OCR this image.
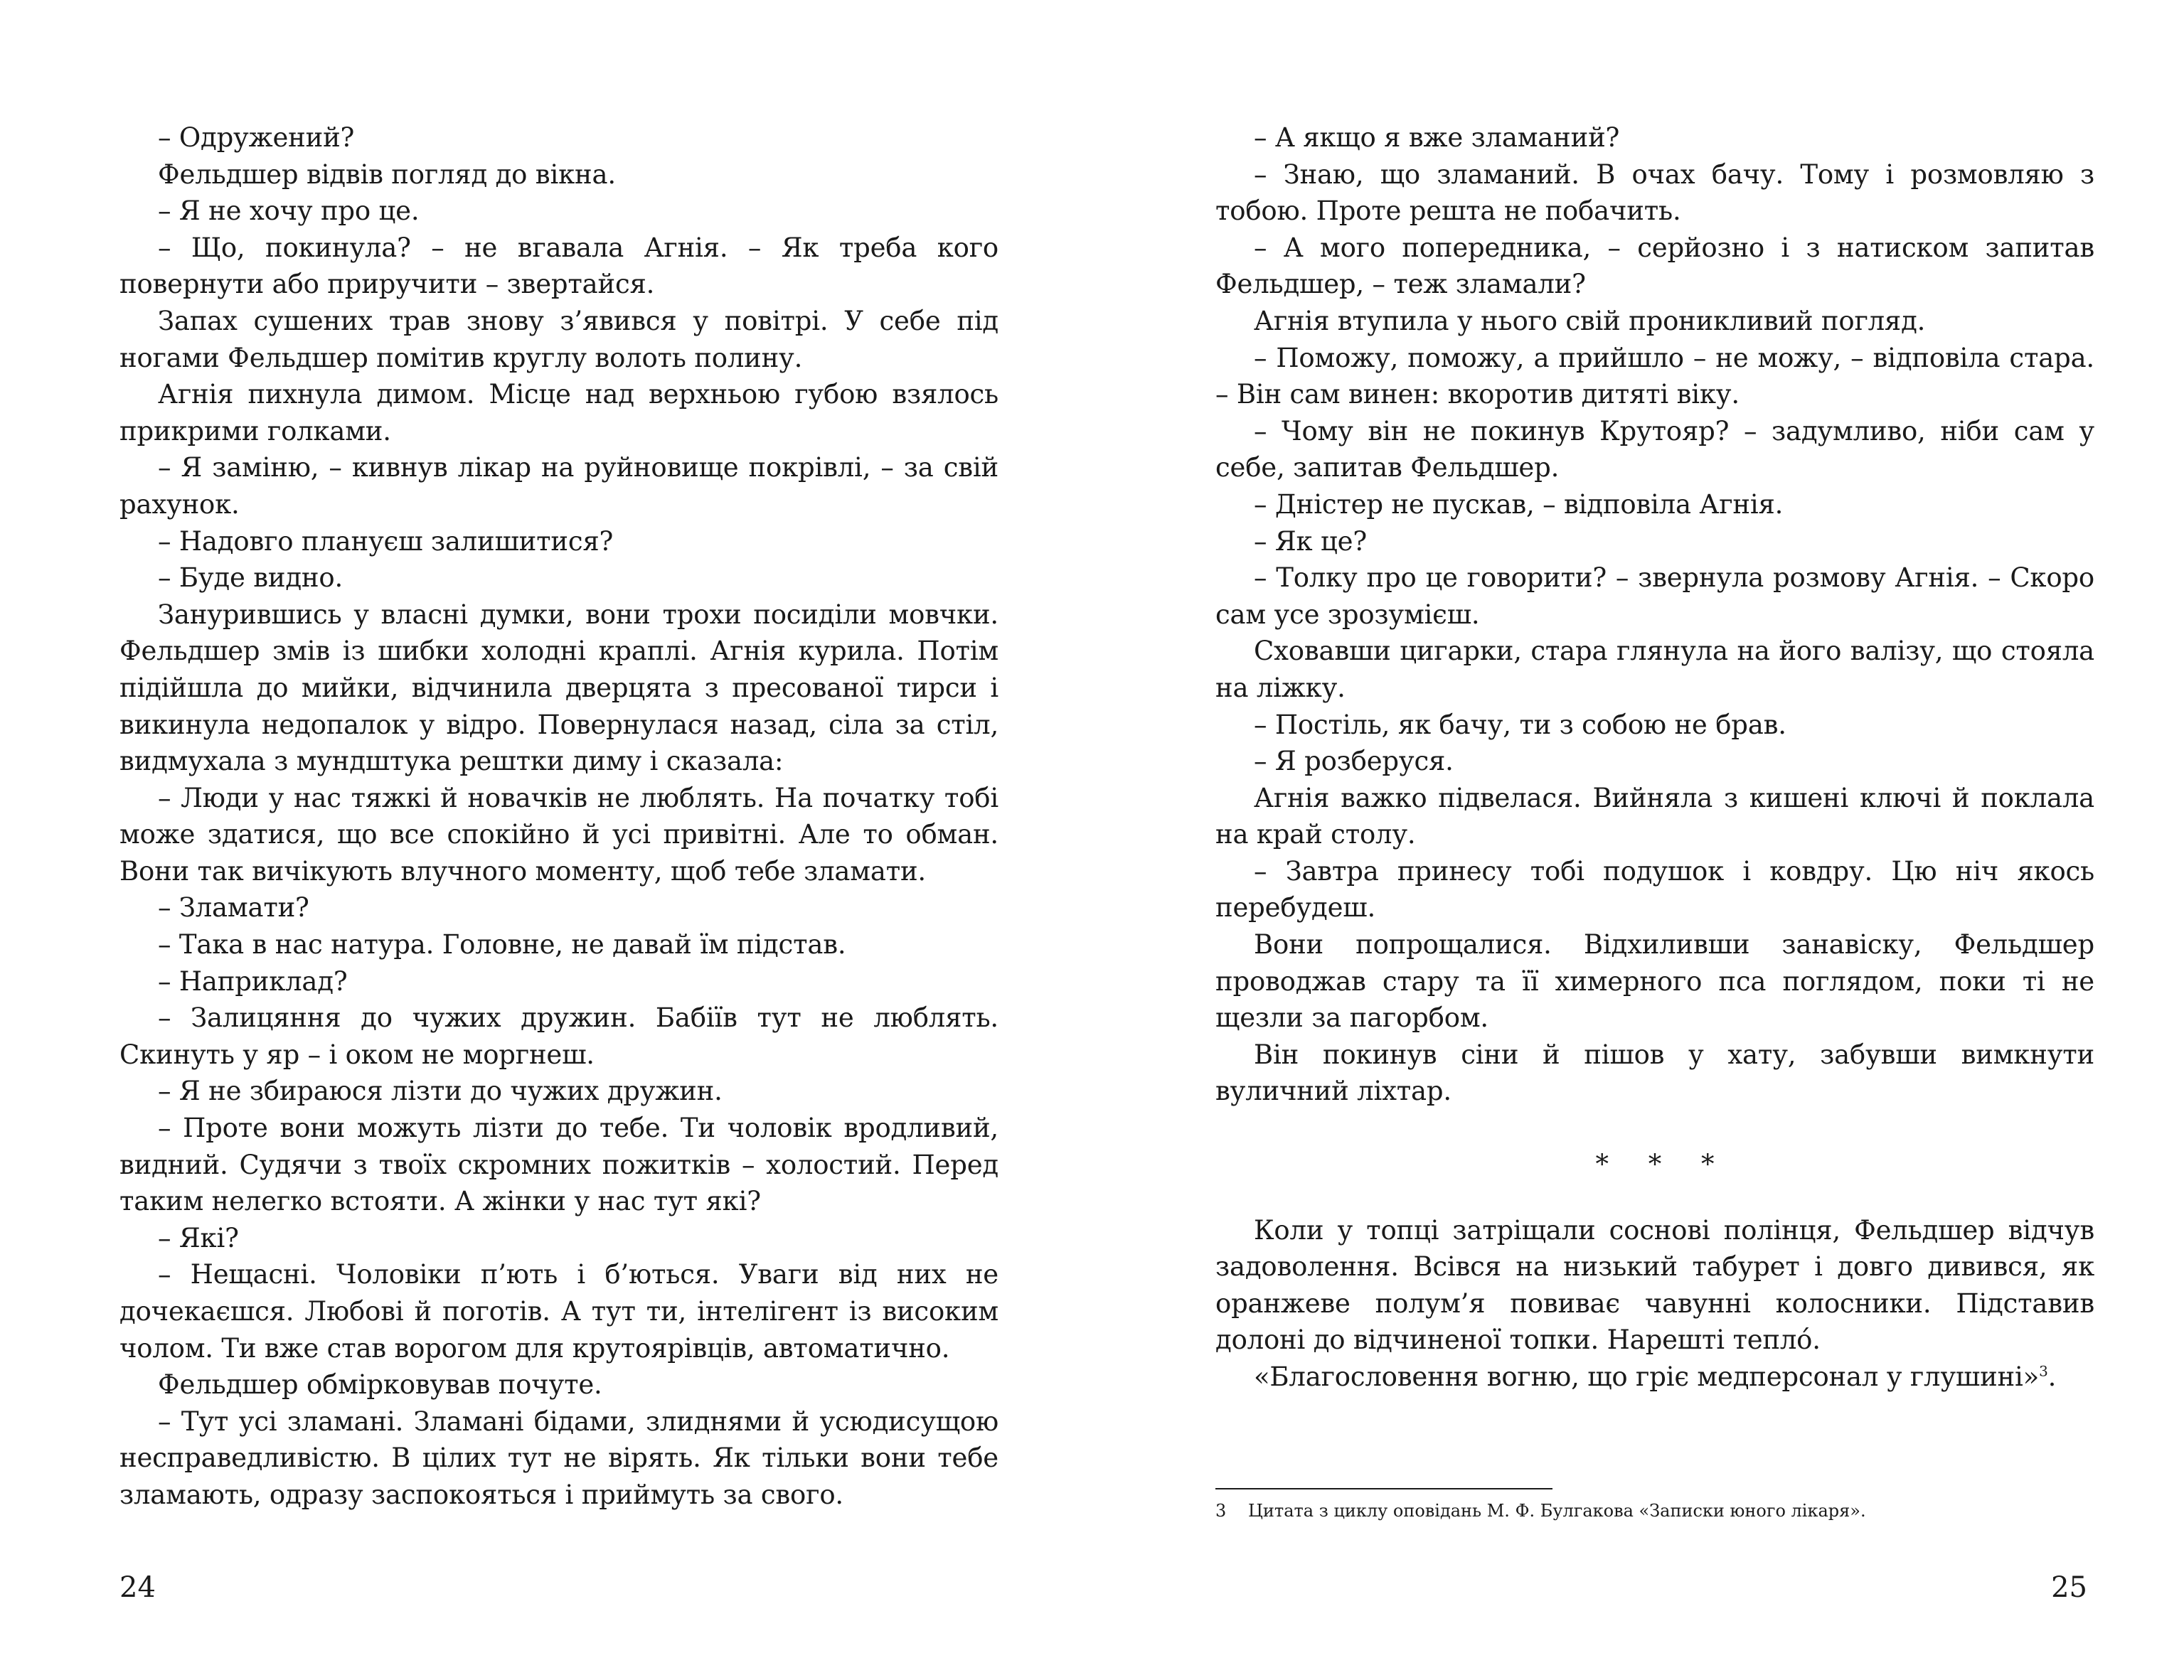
– Одружений?

Фельдшер відвів погляд до вікна.

– Я не хочу про це.

– Що, покинула? – не вгавала Агнія. – Як треба кого повернути або приручити – звертайся.

Запах сушених трав знову з’явився у повітрі. У себе під ногами Фельдшер помітив круглу волоть полину.

Агнія пихнула димом. Місце над верхньою губою взялось прикрими голками.

– Я заміню, – кивнув лікар на руйновище покрівлі, – за свій рахунок.

– Надовго плануєш залишитися?

– Буде видно.

Занурившись у власні думки, вони трохи посиділи мовчки. Фельдшер змів із шибки холодні краплі. Агнія курила. Потім підійшла до мийки, відчинила дверцята з пресованої тирси і викинула недопалок у відро. Повернулася назад, сіла за стіл, видмухала з мундштука рештки диму і сказала:

– Люди у нас тяжкі й новачків не люблять. На початку тобі може здатися, що все спокійно й усі привітні. Але то обман. Вони так вичікують влучного моменту, щоб тебе зламати.

– Зламати?

– Така в нас натура. Головне, не давай їм підстав.

– Наприклад?

– Залицяння до чужих дружин. Бабіїв тут не люблять. Скинуть у яр – і оком не моргнеш.

– Я не збираюся лізти до чужих дружин.

– Проте вони можуть лізти до тебе. Ти чоловік вродливий, видний. Судячи з твоїх скромних пожитків – холостий. Перед таким нелегко встояти. А жінки у нас тут які?

– Які?

– Нещасні. Чоловіки п’ють і б’ються. Уваги від них не дочекаєшся. Любові й поготів. А тут ти, інтелігент із високим чолом. Ти вже став ворогом для крутоярівців, автоматично.

Фельдшер обмірковував почуте.

– Тут усі зламані. Зламані бідами, злиднями й усюдисущою несправедливістю. В цілих тут не вірять. Як тільки вони тебе зламають, одразу заспокояться і приймуть за свого.

24

– А якщо я вже зламаний?

– Знаю, що зламаний. В очах бачу. Тому і розмовляю з тобою. Проте решта не побачить.

– А мого попередника, – серйозно і з натиском запитав Фельдшер, – теж зламали?

Агнія втупила у нього свій проникливий погляд.

– Поможу, поможу, а прийшло – не можу, – відповіла стара. – Він сам винен: вкоротив дитяті віку.

– Чому він не покинув Крутояр? – задумливо, ніби сам у себе, запитав Фельдшер.

– Дністер не пускав, – відповіла Агнія.

– Як це?

– Толку про це говорити? – звернула розмову Агнія. – Скоро сам усе зрозумієш.

Сховавши цигарки, стара глянула на його валізу, що стояла на ліжку.

– Постіль, як бачу, ти з собою не брав.

– Я розберуся.

Агнія важко підвелася. Вийняла з кишені ключі й поклала на край столу.

– Завтра принесу тобі подушок і ковдру. Цю ніч якось перебудеш.

Вони попрощалися. Відхиливши занавіску, Фельдшер проводжав стару та її химерного пса поглядом, поки ті не щезли за пагорбом.

Він покинув сіни й пішов у хату, забувши вимкнути вуличний ліхтар.

* * *

Коли у топці затріщали соснові полінця, Фельдшер відчув задоволення. Всівся на низький табурет і довго дивився, як оранжеве полум’я повиває чавунні колосники. Підставив долоні до відчиненої топки. Нарешті тепло́.

«Благословення вогню, що гріє медперсонал у глушині»$^3$.

3 Цитата з циклу оповідань М. Ф. Булгакова «Записки юного лікаря».
25
